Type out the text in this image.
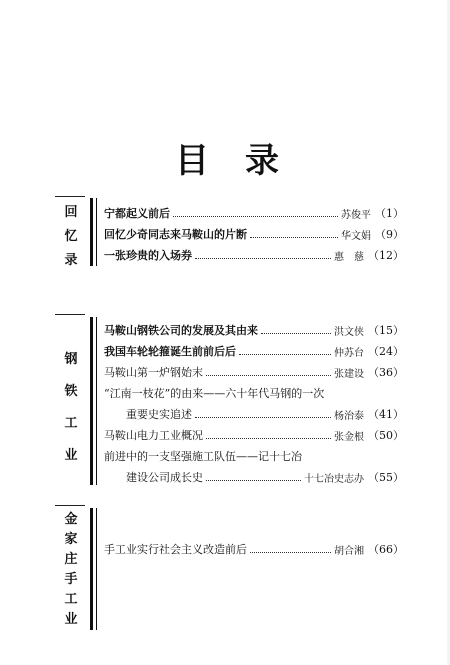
目录
回
忆
录
宁都起义前后	苏俊平 （1）
回忆少奇同志来马鞍山的片断	华文娟 （9）
一张珍贵的入场券	惠　慈 （12）
钢
铁
工
业
马鞍山钢铁公司的发展及其由来	洪文侠 （15）
我国车轮轮箍诞生前前后后	仲苏台 （24）
马鞍山第一炉钢始末	张建设 （36）
“江南一枝花”的由来——六十年代马钢的一次
重要史实追述	杨治泰 （41）
马鞍山电力工业概况	张金根 （50）
前进中的一支坚强施工队伍——记十七冶
建设公司成长史	十七冶史志办 （55）
金
家
庄
手
工
业
手工业实行社会主义改造前后	胡合湘 （66）
